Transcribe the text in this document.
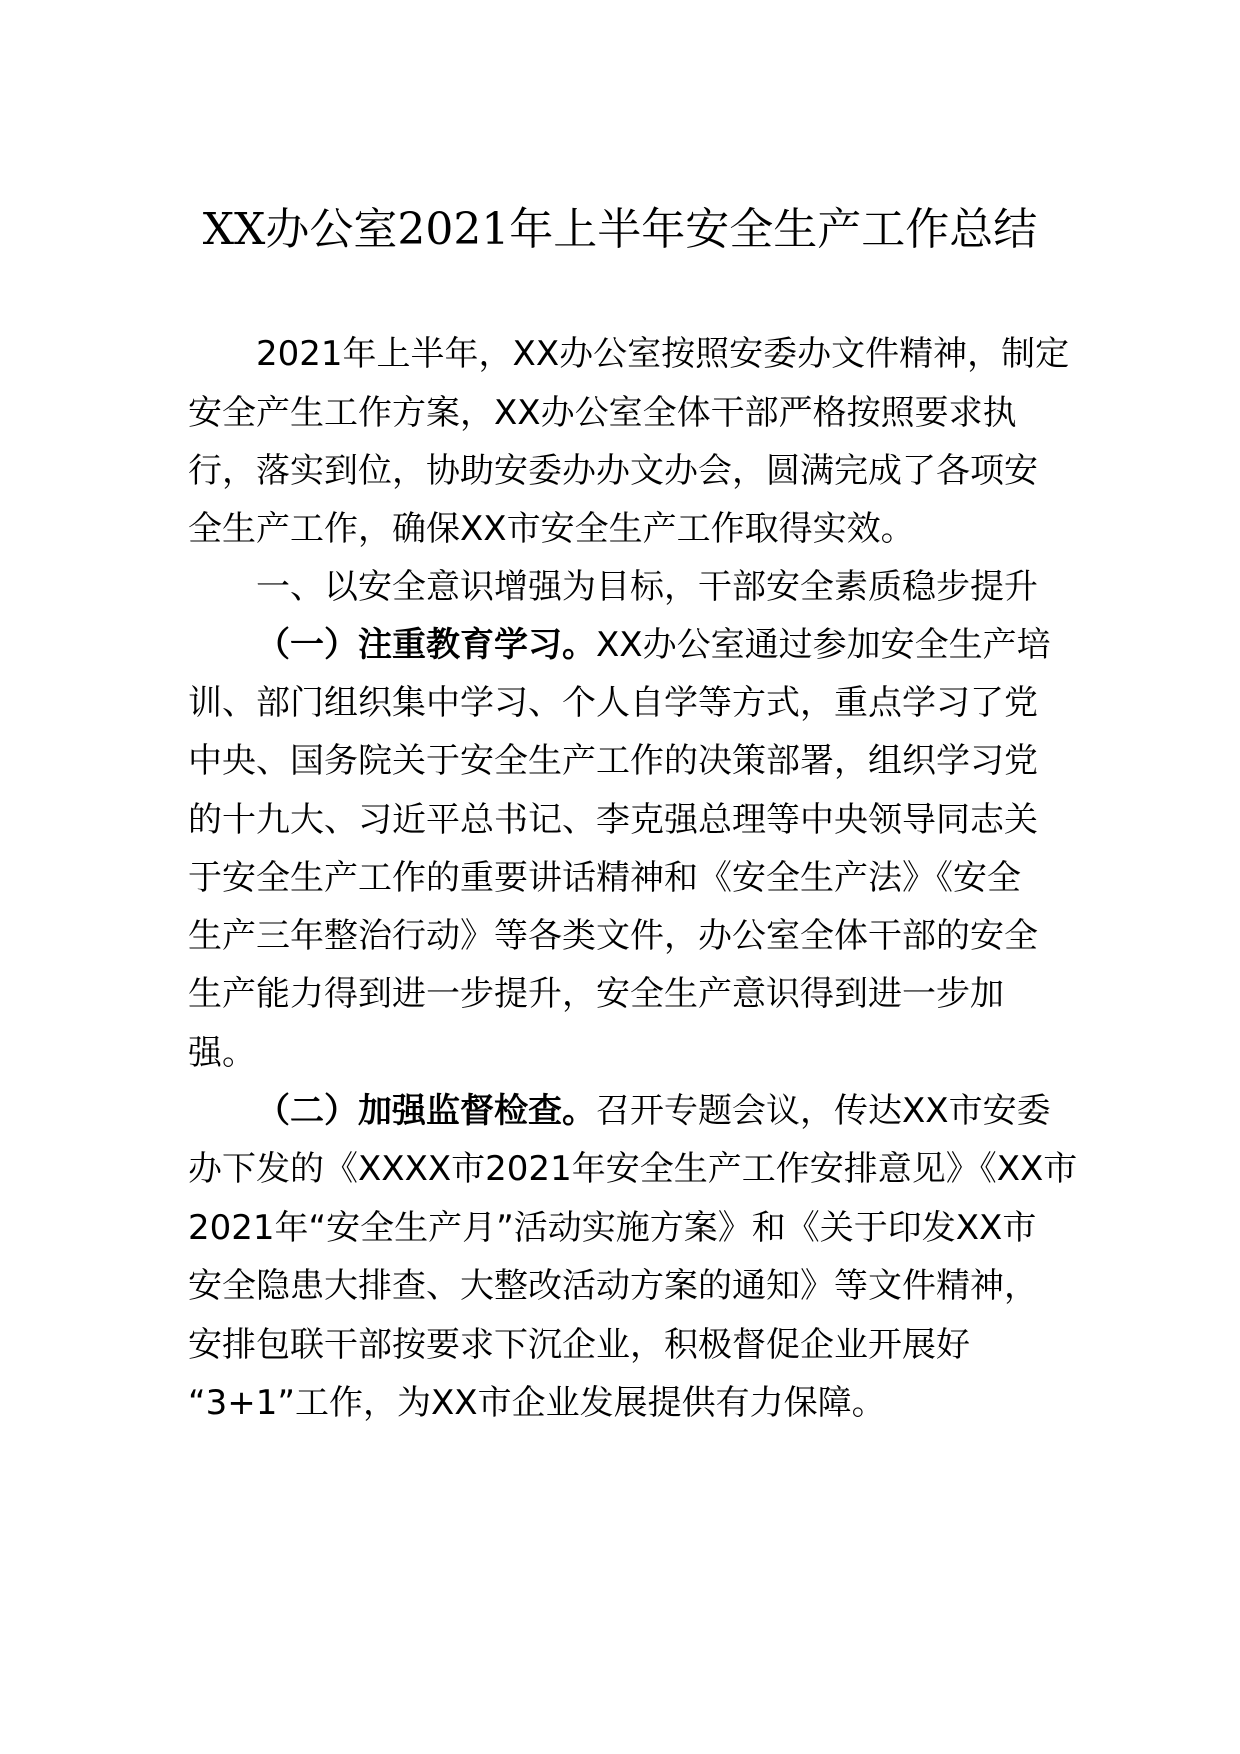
XX办公室2021年上半年安全生产工作总结
2021年上半年，XX办公室按照安委办文件精神，制定
安全产生工作方案，XX办公室全体干部严格按照要求执
行，落实到位，协助安委办办文办会，圆满完成了各项安
全生产工作，确保XX市安全生产工作取得实效。
一、以安全意识增强为目标，干部安全素质稳步提升
（一）注重教育学习。XX办公室通过参加安全生产培
训、部门组织集中学习、个人自学等方式，重点学习了党
中央、国务院关于安全生产工作的决策部署，组织学习党
的十九大、习近平总书记、李克强总理等中央领导同志关
于安全生产工作的重要讲话精神和《安全生产法》《安全
生产三年整治行动》等各类文件，办公室全体干部的安全
生产能力得到进一步提升，安全生产意识得到进一步加
强。
（二）加强监督检查。召开专题会议，传达XX市安委
办下发的《XXXX市2021年安全生产工作安排意见》《XX市
2021年“安全生产月”活动实施方案》和《关于印发XX市
安全隐患大排查、大整改活动方案的通知》等文件精神，
安排包联干部按要求下沉企业，积极督促企业开展好
“3+1”工作，为XX市企业发展提供有力保障。
